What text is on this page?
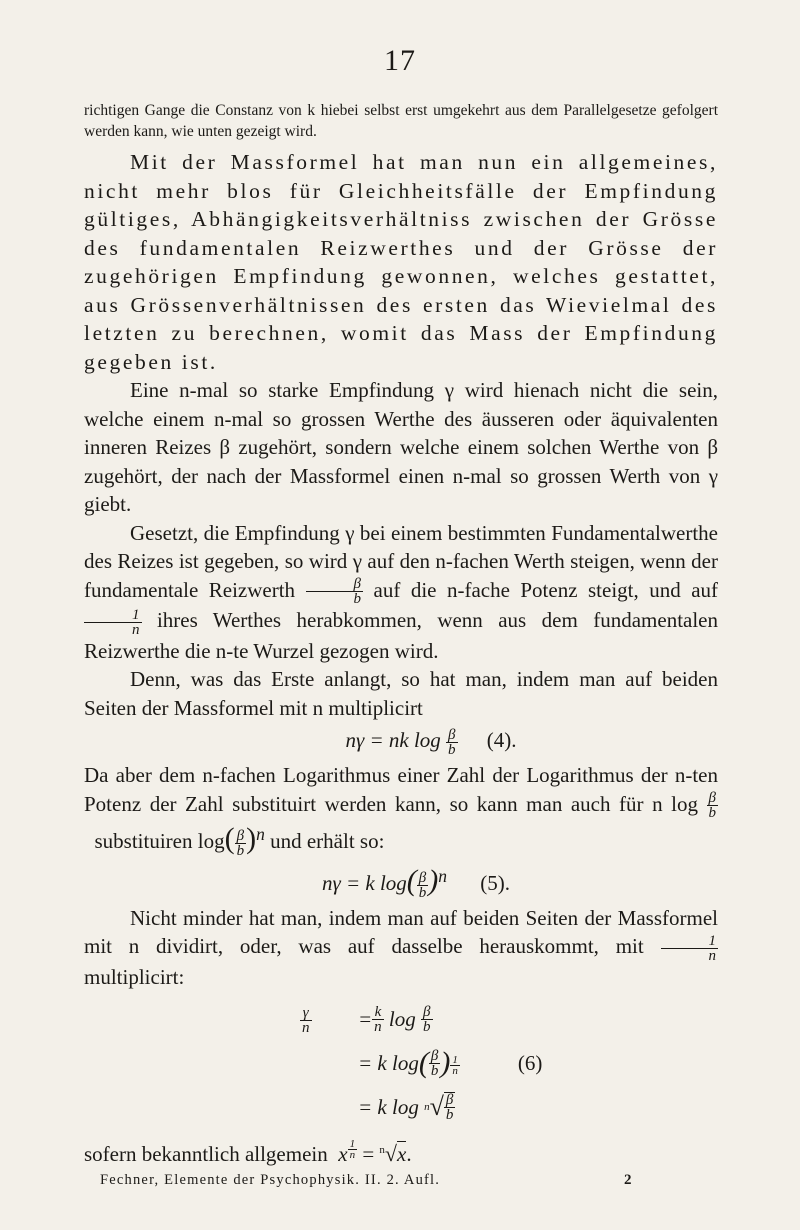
17

richtigen Gange die Constanz von k hiebei selbst erst umgekehrt aus dem Parallelgesetze gefolgert werden kann, wie unten gezeigt wird.

Mit der Massformel hat man nun ein allgemeines, nicht mehr blos für Gleichheitsfälle der Empfindung gültiges, Abhängigkeitsverhältniss zwischen der Grösse des fundamentalen Reizwerthes und der Grösse der zugehörigen Empfindung gewonnen, welches gestattet, aus Grössenverhältnissen des ersten das Wievielmal des letzten zu berechnen, womit das Mass der Empfindung gegeben ist.

Eine n-mal so starke Empfindung γ wird hienach nicht die sein, welche einem n-mal so grossen Werthe des äusseren oder äquivalenten inneren Reizes β zugehört, sondern welche einem solchen Werthe von β zugehört, der nach der Massformel einen n-mal so grossen Werth von γ giebt.

Gesetzt, die Empfindung γ bei einem bestimmten Fundamentalwerthe des Reizes ist gegeben, so wird γ auf den n-fachen Werth steigen, wenn der fundamentale Reizwerth $\frac{\beta}{b}$ auf die n-fache Potenz steigt, und auf
$\frac{1}{n}$ ihres Werthes herabkommen, wenn aus dem fundamentalen Reizwerthe die n-te Wurzel gezogen wird.

Denn, was das Erste anlangt, so hat man, indem man auf beiden Seiten der Massformel mit n multiplicirt

nγ = nk $\log \frac{\beta}{b} (4)$.

Da aber dem n-fachen Logarithmus einer Zahl der Logarithmus der n-ten Potenz der Zahl substituirt werden kann, so kann man auch für n $\log \frac{\beta}{b}$
substituiren $\log( \frac{\beta}{b} )^n$ und erhält so:

nγ = k $\log( \frac{\beta}{b} )^n$ (5).

Nicht minder hat man, indem man auf beiden Seiten der Massformel mit n dividirt, oder, was auf dasselbe herauskommt, mit $\frac{1}{n}$
multiplicirt:

$\frac{\gamma}{n} = \frac{k}{n}$
log
$\frac{\beta}{b}$
= k log ( $\frac{\beta}{b}$ ) $\frac{1}{n}$	(6)
= k log
n √ $\frac{\beta}{b}$

sofern bekanntlich allgemein x $^{\frac{1}{n}}$ = $^n$√x.

Fechner, Elemente der Psychophysik. II. 2. Aufl.	2
